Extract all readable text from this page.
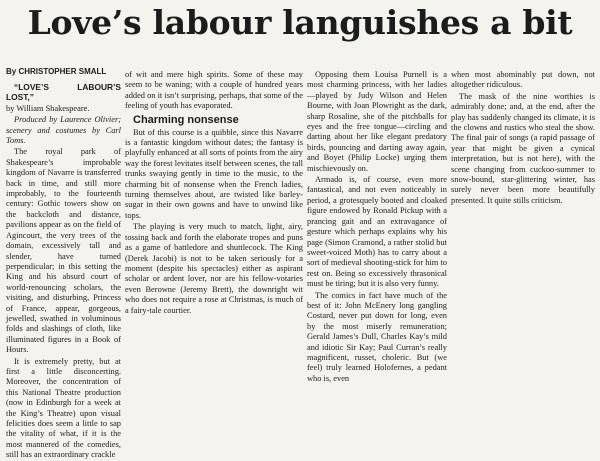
Love’s labour languishes a bit
By CHRISTOPHER SMALL

“LOVE’S LABOUR’S LOST,”

by William Shakespeare.

Produced by Laurence Olivier; scenery and costumes by Carl Toms.

The royal park of Shakespeare’s improbable kingdom of Navarre is transferred back in time, and still more improbably, to the fourteenth century: Gothic towers show on the backcloth and distance, pavilions appear as on the field of Agincourt, the very trees of the domain, excessively tall and slender, have turned perpendicular; in this setting the King and his absurd court of world-renouncing scholars, the visiting, and disturbing, Princess of France, appear, gorgeous, jewelled, swathed in voluminous folds and slashings of cloth, like illuminated figures in a Book of Hours.

It is extremely pretty, but at first a little disconcerting. Moreover, the concentration of this National Theatre production (now in Edinburgh for a week at the King’s Theatre) upon visual felicities does seem a little to sap the vitality of what, if it is the most mannered of the comedies, still has an extraordinary crackle

of wit and mere high spirits. Some of these may seem to be waning; with a couple of hundred years added on it isn’t surprising, perhaps, that some of the feeling of youth has evaporated.

Charming nonsense

But of this course is a quibble, since this Navarre is a fantastic kingdom without dates; the fantasy is playfully enhanced at all sorts of points from the airy way the forest levitates itself between scenes, the tall trunks swaying gently in time to the music, to the charming bit of nonsense when the French ladies, turning themselves about, are twisted like barley-sugar in their own gowns and have to unwind like tops.

The playing is very much to match, light, airy, tossing back and forth the elaborate tropes and puns as a game of battledore and shuttlecock. The King (Derek Jacobi) is not to be taken seriously for a moment (despite his spectacles) either as aspirant scholar or ardent lover, nor are his fellow-votaries even Berowne (Jeremy Brett), the downright wit who does not require a rose at Christmas, is much of a fairy-tale courtier.

Opposing them Louisa Purnell is a most charming princess, with her ladies—played by Judy Wilson and Helen Bourne, with Joan Plowright as the dark, sharp Rosaline, she of the pitchballs for eyes and the free tongue—circling and darting about her like elegant predatory birds, pouncing and darting away again, and Boyet (Philip Locke) urging them mischievously on.

Armado is, of course, even more fantastical, and not even noticeably in period, a grotesquely booted and cloaked figure endowed by Ronald Pickup with a prancing gait and an extravagance of gesture which perhaps explains why his page (Simon Cramond, a rather stolid but sweet-voiced Moth) has to carry about a sort of medieval shooting-stick for him to rest on. Being so excessively thrasonical must be tiring; but it is also very funny.

The comics in fact have much of the best of it: John McEnery long gangling Costard, never put down for long, even by the most miserly remuneration; Gerald James’s Dull, Charles Kay’s mild and idiotic Sir Kay; Paul Curran’s really magnificent, russet, choleric. But (we feel) truly learned Holofernes, a pedant who is, even

when most abominably put down, not altogether ridiculous.

The mask of the nine worthies is admirably done; and, at the end, after the play has suddenly changed its climate, it is the clowns and rustics who steal the show. The final pair of songs (a rapid passage of year that might be given a cynical interpretation, but is not here), with the scene changing from cuckoo-summer to snow-bound, star-glittering winter, has surely never been more beautifully presented. It quite stills criticism.
